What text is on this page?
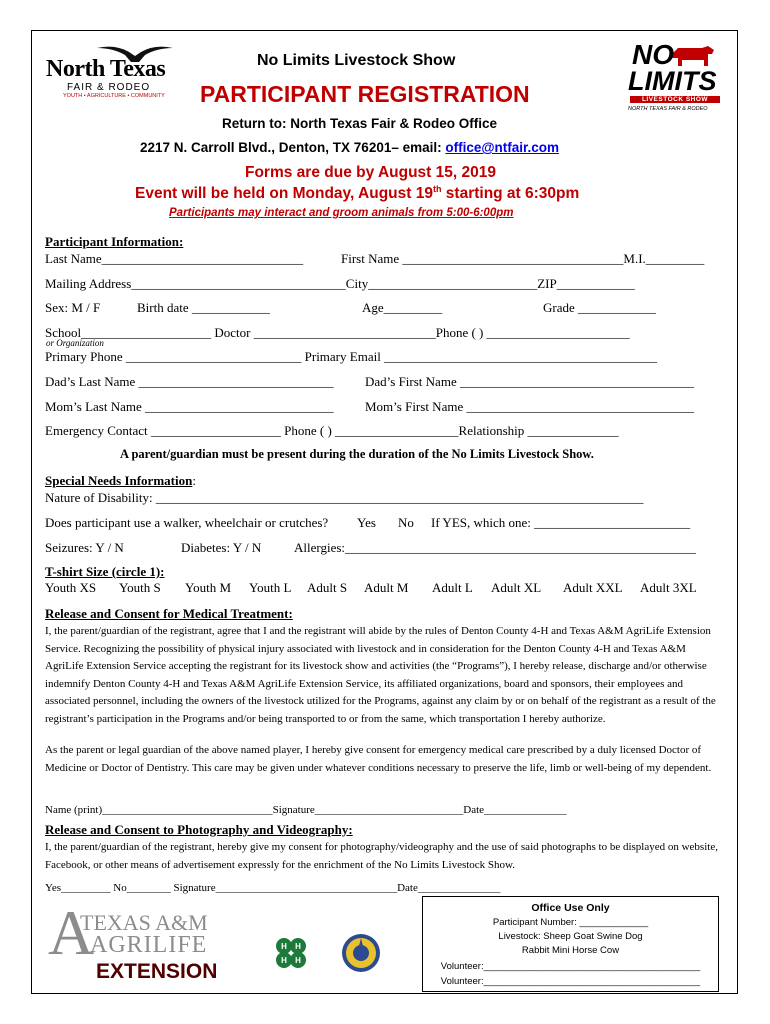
North Texas
FAIR & RODEO
YOUTH • AGRICULTURE • COMMUNITY
NO
LIMITS
LIVESTOCK SHOW
NORTH TEXAS FAIR & RODEO
No Limits Livestock Show
PARTICIPANT REGISTRATION
Return to: North Texas Fair & Rodeo Office
2217 N. Carroll Blvd., Denton, TX 76201– email: office@ntfair.com
Forms are due by August 15, 2019
Event will be held on Monday, August 19th starting at 6:30pm
Participants may interact and groom animals from 5:00-6:00pm
Participant Information:
Last Name_______________________________	First Name __________________________________M.I._________
Mailing Address_________________________________City__________________________ZIP____________
Sex: M / F	Birth date ____________	Age_________	Grade ____________
School____________________ Doctor ____________________________Phone ( ) ______________________
or Organization
Primary Phone ___________________________ Primary Email __________________________________________
Dad’s Last Name ______________________________ Dad’s First Name ____________________________________
Mom’s Last Name _____________________________ Mom’s First Name ___________________________________
Emergency Contact ____________________ Phone ( ) ___________________Relationship ______________
A parent/guardian must be present during the duration of the No Limits Livestock Show.
Special Needs Information:
Nature of Disability: ___________________________________________________________________________
Does participant use a walker, wheelchair or crutches? Yes No If YES, which one: ________________________
Seizures: Y / N	Diabetes: Y / N	Allergies:______________________________________________________
T-shirt Size (circle 1):
Youth XS Youth S Youth M Youth L Adult S Adult M Adult L Adult XL Adult XXL Adult 3XL
Release and Consent for Medical Treatment:
I, the parent/guardian of the registrant, agree that I and the registrant will abide by the rules of Denton County 4-H and Texas A&M AgriLife Extension Service. Recognizing the possibility of physical injury associated with livestock and in consideration for the Denton County 4-H and Texas A&M AgriLife Extension Service accepting the registrant for its livestock show and activities (the “Programs”), I hereby release, discharge and/or otherwise indemnify Denton County 4-H and Texas A&M AgriLife Extension Service, its affiliated organizations, board and sponsors, their employees and associated personnel, including the owners of the livestock utilized for the Programs, against any claim by or on behalf of the registrant as a result of the registrant’s participation in the Programs and/or being transported to or from the same, which transportation I hereby authorize.
As the parent or legal guardian of the above named player, I hereby give consent for emergency medical care prescribed by a duly licensed Doctor of Medicine or Doctor of Dentistry. This care may be given under whatever conditions necessary to preserve the life, limb or well-being of my dependent.
Name (print)_______________________________Signature___________________________Date_______________
Release and Consent to Photography and Videography:
I, the parent/guardian of the registrant, hereby give my consent for photography/videography and the use of said photographs to be displayed on website, Facebook, or other means of advertisement expressly for the enrichment of the No Limits Livestock Show.
Yes_________ No________ Signature_________________________________Date_______________
A
TEXAS A&M
AGRILIFE
EXTENSION
H H
H H
Office Use Only
Participant Number: _____________
Livestock: Sheep Goat Swine Dog
Rabbit Mini Horse Cow
Volunteer:_________________________________________
Volunteer:_________________________________________
